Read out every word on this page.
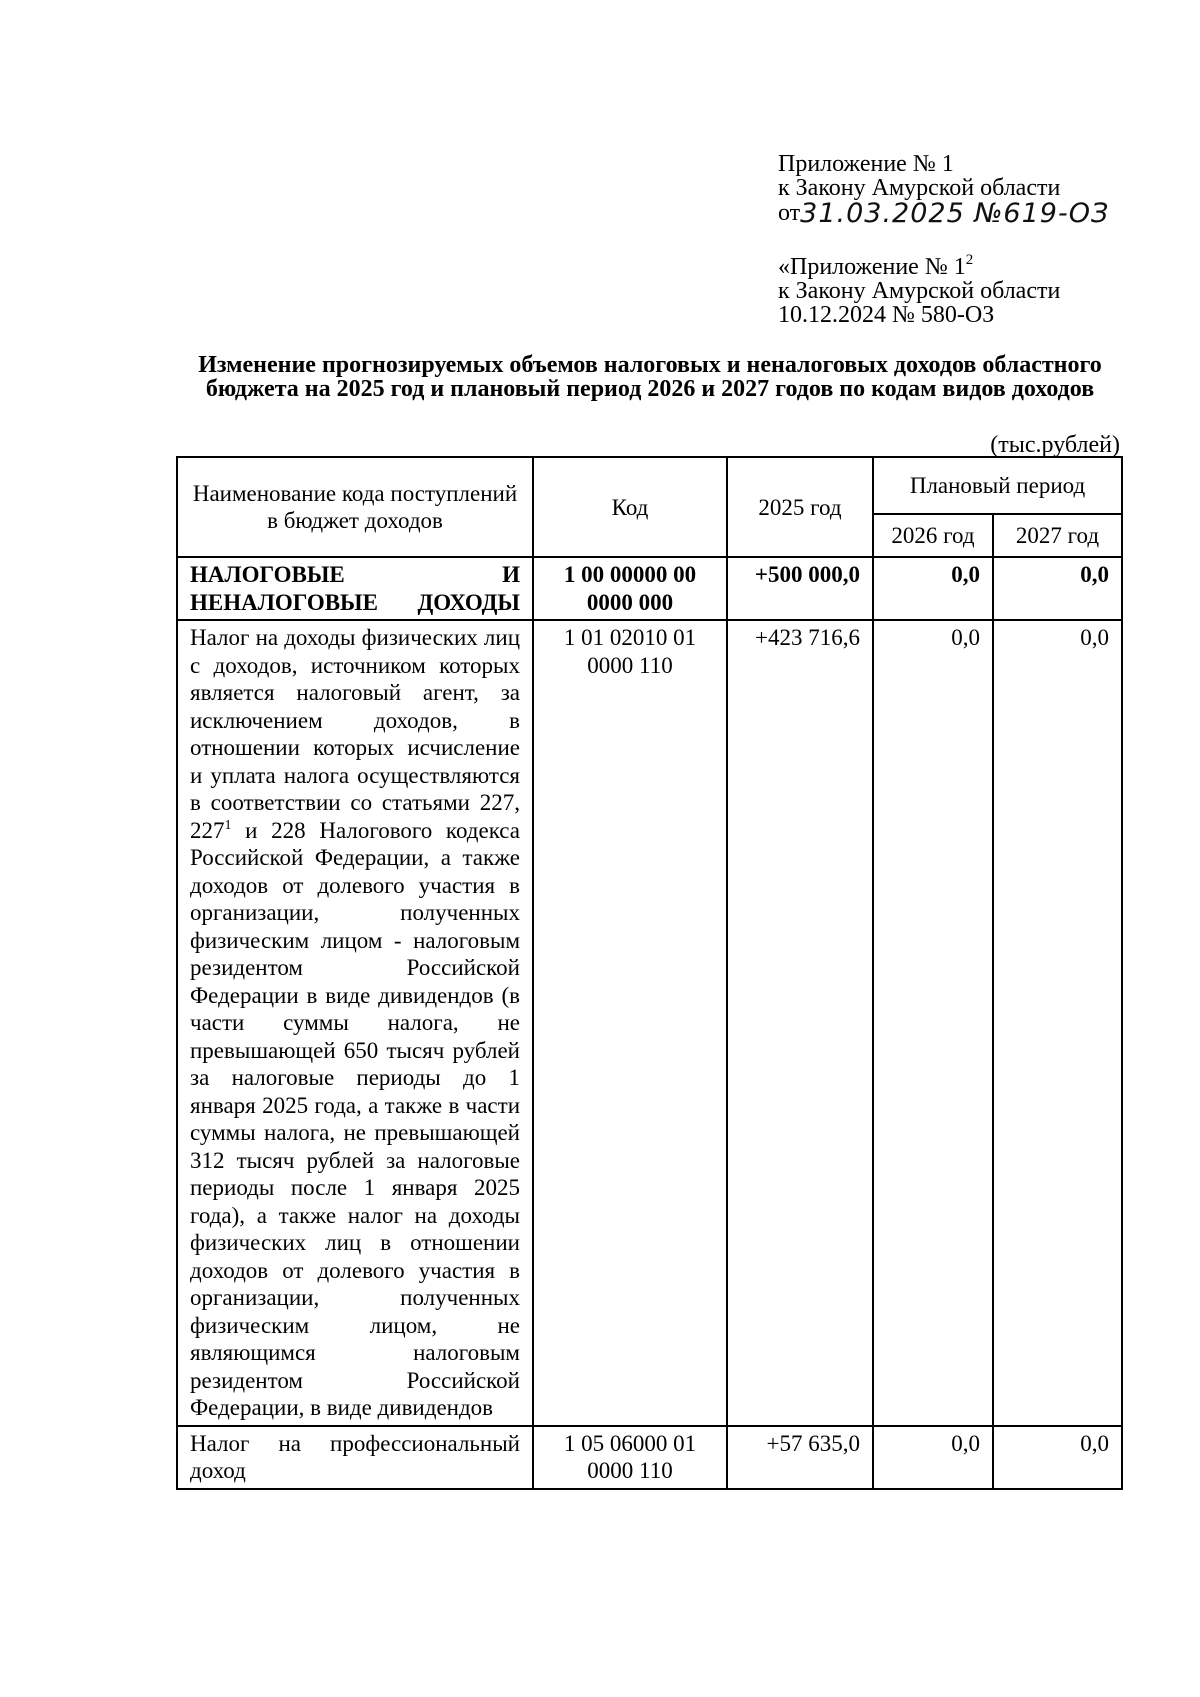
Приложение № 1
к Закону Амурской области
от31.03.2025 №619-ОЗ
«Приложение № $1^2$
к Закону Амурской области
10.12.2024 № 580-ОЗ
Изменение прогнозируемых объемов налоговых и неналоговых доходов областного
бюджета на 2025 год и плановый период 2026 и 2027 годов по кодам видов доходов
(тыс.рублей)
Наименование кода поступлений в бюджет доходов	Код	2025 год	Плановый период	
			2026 год	2027 год
НАЛОГОВЫЕ И НЕНАЛОГОВЫЕ ДОХОДЫ	1 00 00000 00 0000 000	+500 000,0	0,0	0,0
Налог на доходы физических лиц с доходов, источником которых является налоговый агент, за исключением доходов, в отношении которых исчисление и уплата налога осуществляются в соответствии со статьями 227, $227^1$ и 228 Налогового кодекса Российской Федерации, а также доходов от долевого участия в организации, полученных физическим лицом - налоговым резидентом Российской Федерации в виде дивидендов (в части суммы налога, не превышающей 650 тысяч рублей за налоговые периоды до 1 января 2025 года, а также в части суммы налога, не превышающей 312 тысяч рублей за налоговые периоды после 1 января 2025 года), а также налог на доходы физических лиц в отношении доходов от долевого участия в организации, полученных физическим лицом, не являющимся налоговым резидентом Российской Федерации, в виде дивидендов	1 01 02010 01 0000 110	+423 716,6	0,0	0,0
Налог на профессиональный доход	1 05 06000 01 0000 110	+57 635,0	0,0	0,0
